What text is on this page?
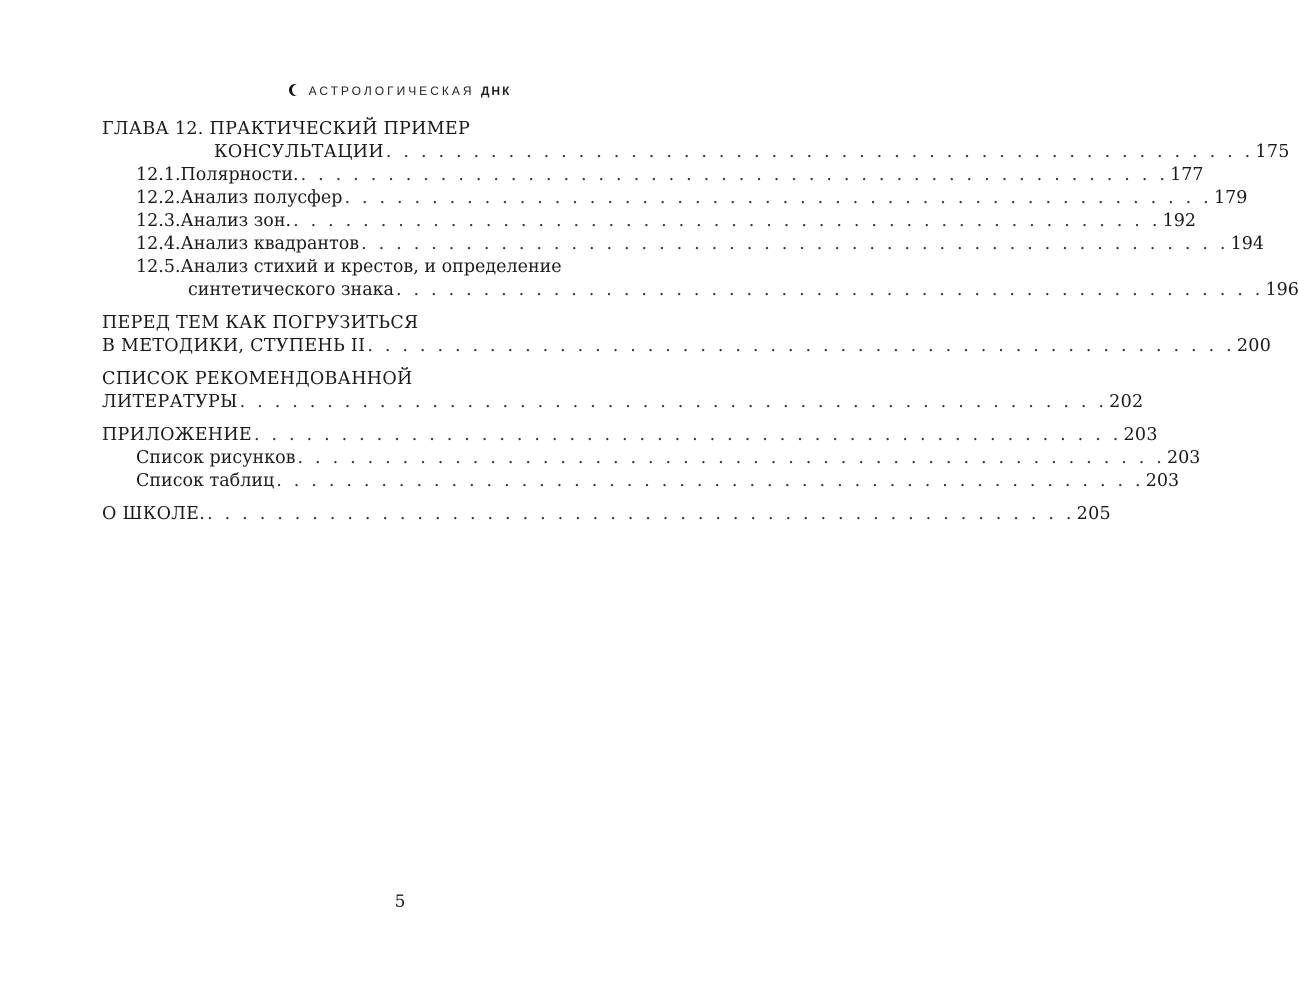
АСТРОЛОГИЧЕСКАЯ ДНК
ГЛАВА 12. ПРАКТИЧЕСКИЙ ПРИМЕР
КОНСУЛЬТАЦИИ . . . . . . . . . . . . . . . . . . . . . . . . . . . . . . . . . . . . . . . . . . . . . . . . . . 175
12.1.Полярности. . . . . . . . . . . . . . . . . . . . . . . . . . . . . . . . . . . . . . . . . . . . . . . . . . . 177
12.2.Анализ полусфер . . . . . . . . . . . . . . . . . . . . . . . . . . . . . . . . . . . . . . . . . . . . . . . . . . 179
12.3.Анализ зон. . . . . . . . . . . . . . . . . . . . . . . . . . . . . . . . . . . . . . . . . . . . . . . . . . . 192
12.4.Анализ квадрантов . . . . . . . . . . . . . . . . . . . . . . . . . . . . . . . . . . . . . . . . . . . . . . . . . . 194
12.5.Анализ стихий и крестов, и определение
синтетического знака . . . . . . . . . . . . . . . . . . . . . . . . . . . . . . . . . . . . . . . . . . . . . . . . . . 196
ПЕРЕД ТЕМ КАК ПОГРУЗИТЬСЯ
В МЕТОДИКИ, СТУПЕНЬ II . . . . . . . . . . . . . . . . . . . . . . . . . . . . . . . . . . . . . . . . . . . . . . . . . . 200
СПИСОК РЕКОМЕНДОВАННОЙ
ЛИТЕРАТУРЫ . . . . . . . . . . . . . . . . . . . . . . . . . . . . . . . . . . . . . . . . . . . . . . . . . . 202
ПРИЛОЖЕНИЕ . . . . . . . . . . . . . . . . . . . . . . . . . . . . . . . . . . . . . . . . . . . . . . . . . . 203
Список рисунков . . . . . . . . . . . . . . . . . . . . . . . . . . . . . . . . . . . . . . . . . . . . . . . . . . 203
Список таблиц . . . . . . . . . . . . . . . . . . . . . . . . . . . . . . . . . . . . . . . . . . . . . . . . . . 203
О ШКОЛЕ. . . . . . . . . . . . . . . . . . . . . . . . . . . . . . . . . . . . . . . . . . . . . . . . . . . 205
5
